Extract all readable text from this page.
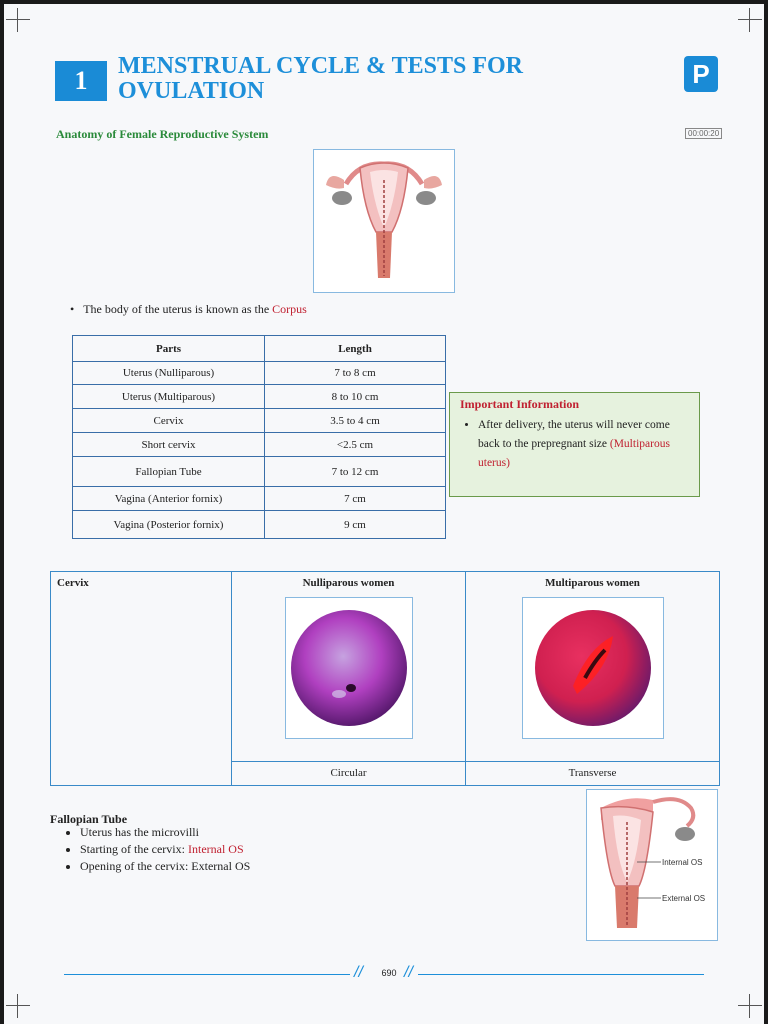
1	MENSTRUAL CYCLE & TESTS FOR OVULATION
P
00:00:20
Anatomy of Female Reproductive System
•   The body of the uterus is known as the Corpus
Parts	Length
Uterus (Nulliparous)	7 to 8 cm
Uterus (Multiparous)	8 to 10 cm
Cervix	3.5 to 4 cm
Short cervix	<2.5 cm
Fallopian Tube	7 to 12 cm
Vagina (Anterior fornix)	7 cm
Vagina (Posterior fornix)	9 cm
Important Information
• After delivery, the uterus will never come back to the prepregnant size (Multiparous uterus)
Cervix	Nulliparous women	Multiparous women

	Circular	Transverse
Fallopian Tube
• Uterus has the microvilli
• Starting of the cervix: Internal OS
• Opening of the cervix: External OS	Internal OS
External OS
//	690 //
